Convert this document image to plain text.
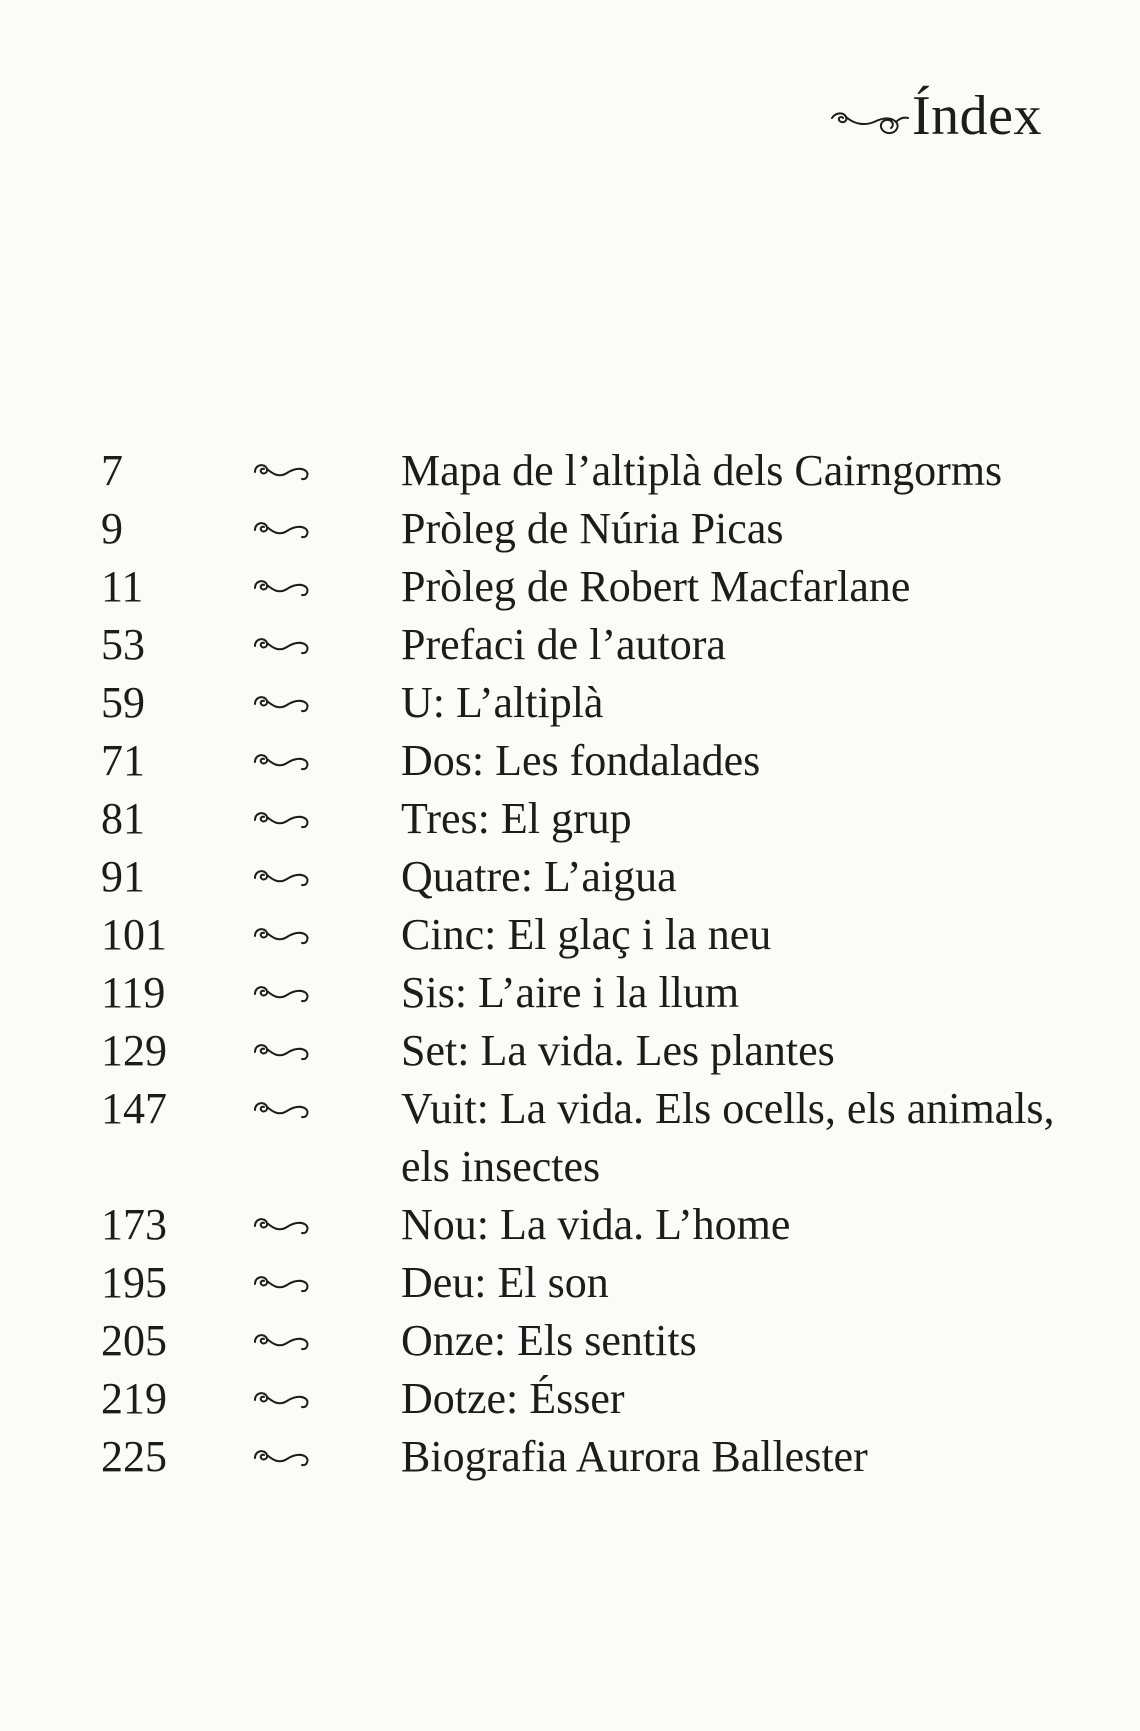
Índex
7	Mapa de l’altiplà dels Cairngorms
9	Pròleg de Núria Picas
11	Pròleg de Robert Macfarlane
53	Prefaci de l’autora
59	U: L’altiplà
71	Dos: Les fondalades
81	Tres: El grup
91	Quatre: L’aigua
101	Cinc: El glaç i la neu
119	Sis: L’aire i la llum
129	Set: La vida. Les plantes
147	Vuit: La vida. Els ocells, els animals, els insectes
173	Nou: La vida. L’home
195	Deu: El son
205	Onze: Els sentits
219	Dotze: Ésser
225	Biografia Aurora Ballester
